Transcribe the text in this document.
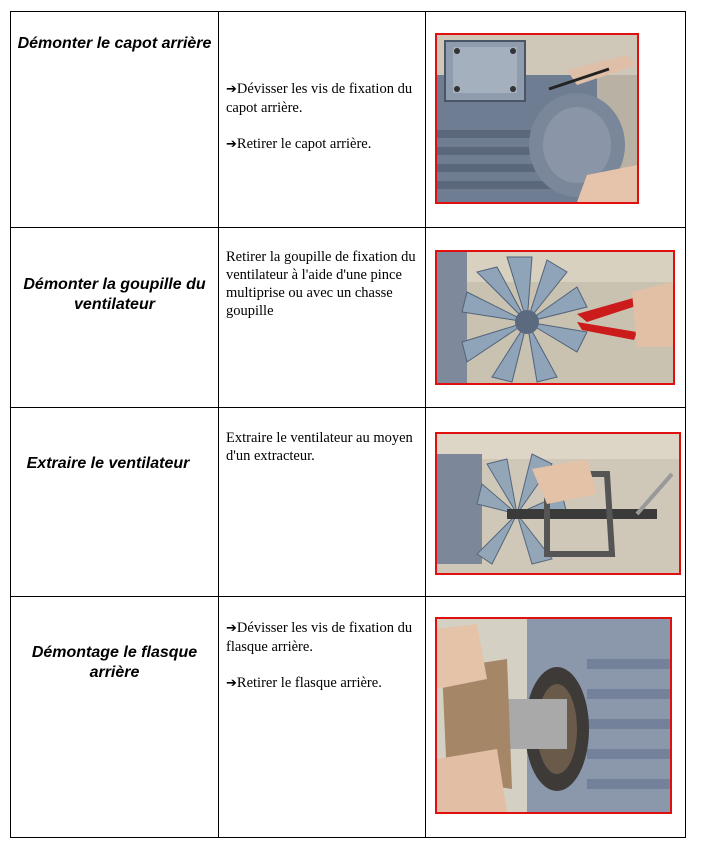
Démonter le capot arrière

➔Dévisser les vis de fixation du capot arrière.

➔Retirer le capot arrière.

Démonter la goupille du ventilateur
Retirer la goupille de fixation du ventilateur à l'aide d'une pince multiprise ou avec un chasse goupille
Extraire le ventilateur
Extraire le ventilateur au moyen d'un extracteur.
Démontage le flasque arrière

➔Dévisser les vis de fixation du flasque arrière.

➔Retirer le flasque arrière.
